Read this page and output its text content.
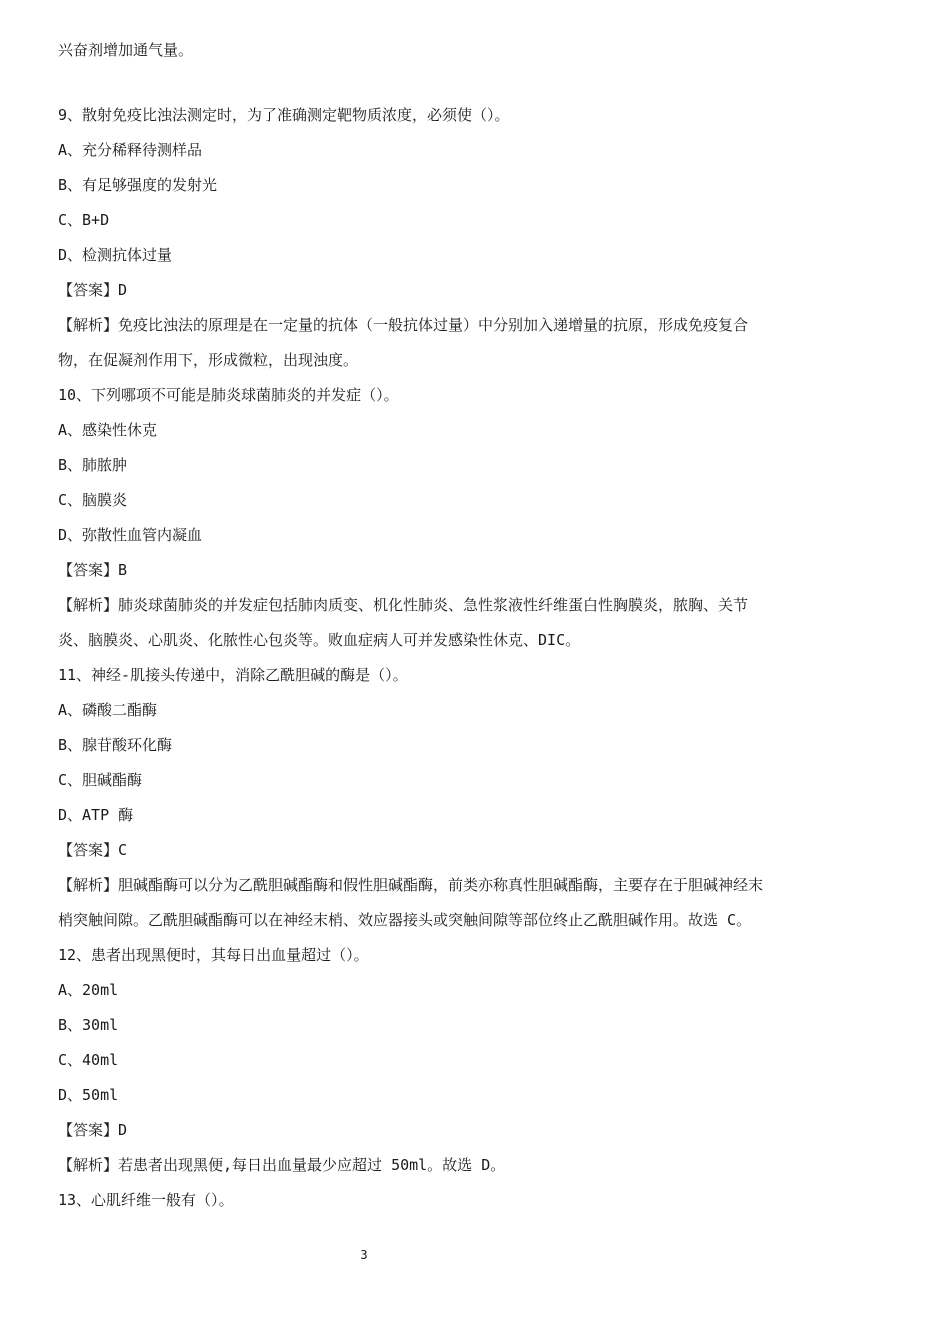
兴奋剂增加通气量。
9、散射免疫比浊法测定时，为了准确测定靶物质浓度，必须使（）。
A、充分稀释待测样品
B、有足够强度的发射光
C、B+D
D、检测抗体过量
【答案】D
【解析】免疫比浊法的原理是在一定量的抗体（一般抗体过量）中分别加入递增量的抗原，形成免疫复合
物，在促凝剂作用下，形成微粒，出现浊度。
10、下列哪项不可能是肺炎球菌肺炎的并发症（）。
A、感染性休克
B、肺脓肿
C、脑膜炎
D、弥散性血管内凝血
【答案】B
【解析】肺炎球菌肺炎的并发症包括肺肉质变、机化性肺炎、急性浆液性纤维蛋白性胸膜炎，脓胸、关节
炎、脑膜炎、心肌炎、化脓性心包炎等。败血症病人可并发感染性休克、DIC。
11、神经-肌接头传递中，消除乙酰胆碱的酶是（）。
A、磷酸二酯酶
B、腺苷酸环化酶
C、胆碱酯酶
D、ATP 酶
【答案】C
【解析】胆碱酯酶可以分为乙酰胆碱酯酶和假性胆碱酯酶，前类亦称真性胆碱酯酶，主要存在于胆碱神经末
梢突触间隙。乙酰胆碱酯酶可以在神经末梢、效应器接头或突触间隙等部位终止乙酰胆碱作用。故选 C。
12、患者出现黑便时，其每日出血量超过（）。
A、20ml
B、30ml
C、40ml
D、50ml
【答案】D
【解析】若患者出现黑便,每日出血量最少应超过 50ml。故选 D。
13、心肌纤维一般有（）。
3
